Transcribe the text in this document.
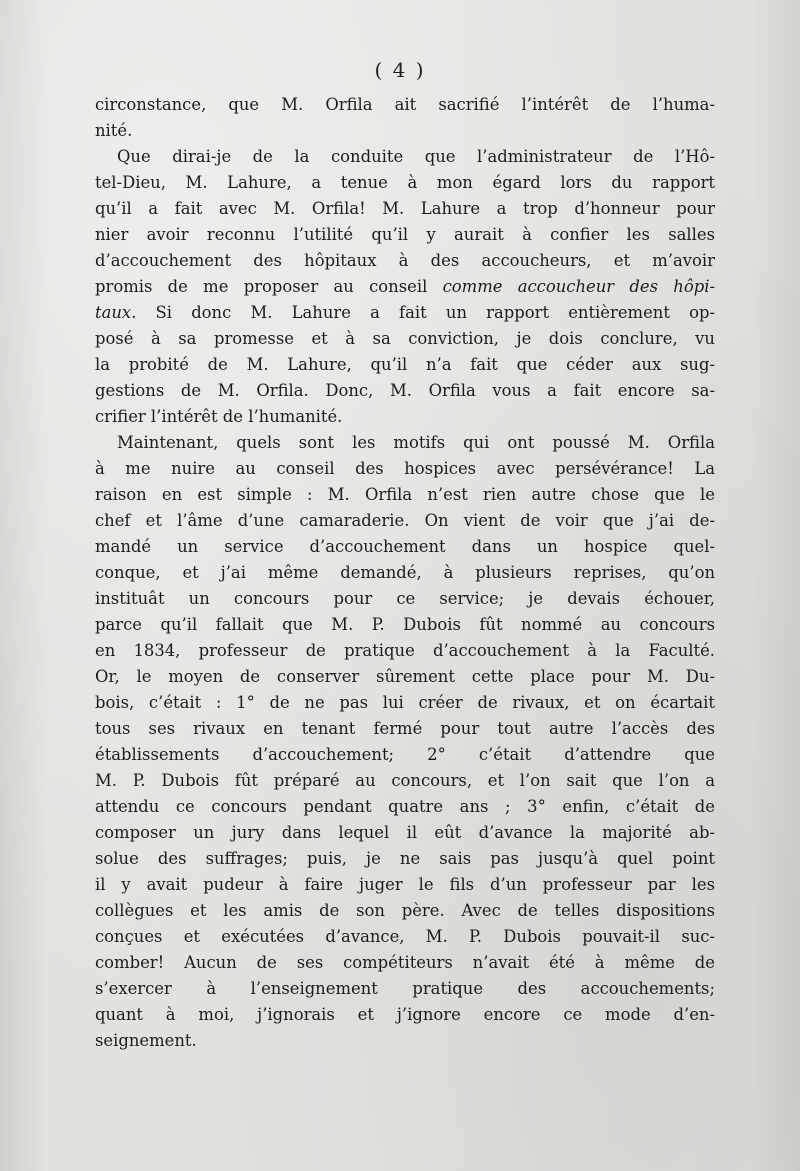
( 4 )

circonstance, que M. Orfila ait sacrifié l’intérêt de l’huma-
nité.

Que dirai-je de la conduite que l’administrateur de l’Hô-
tel-Dieu, M. Lahure, a tenue à mon égard lors du rapport
qu’il a fait avec M. Orfila! M. Lahure a trop d’honneur pour
nier avoir reconnu l’utilité qu’il y aurait à confier les salles
d’accouchement des hôpitaux à des accoucheurs, et m’avoir
promis de me proposer au conseil comme accoucheur des hôpi-
taux. Si donc M. Lahure a fait un rapport entièrement op-
posé à sa promesse et à sa conviction, je dois conclure, vu
la probité de M. Lahure, qu’il n’a fait que céder aux sug-
gestions de M. Orfila. Donc, M. Orfila vous a fait encore sa-
crifier l’intérêt de l’humanité.

Maintenant, quels sont les motifs qui ont poussé M. Orfila
à me nuire au conseil des hospices avec persévérance! La
raison en est simple : M. Orfila n’est rien autre chose que le
chef et l’âme d’une camaraderie. On vient de voir que j’ai de-
mandé un service d’accouchement dans un hospice quel-
conque, et j’ai même demandé, à plusieurs reprises, qu’on
instituât un concours pour ce service; je devais échouer,
parce qu’il fallait que M. P. Dubois fût nommé au concours
en 1834, professeur de pratique d’accouchement à la Faculté.
Or, le moyen de conserver sûrement cette place pour M. Du-
bois, c’était : 1° de ne pas lui créer de rivaux, et on écartait
tous ses rivaux en tenant fermé pour tout autre l’accès des
établissements d’accouchement; 2° c’était d’attendre que
M. P. Dubois fût préparé au concours, et l’on sait que l’on a
attendu ce concours pendant quatre ans ; 3° enfin, c’était de
composer un jury dans lequel il eût d’avance la majorité ab-
solue des suffrages; puis, je ne sais pas jusqu’à quel point
il y avait pudeur à faire juger le fils d’un professeur par les
collègues et les amis de son père. Avec de telles dispositions
conçues et exécutées d’avance, M. P. Dubois pouvait-il suc-
comber! Aucun de ses compétiteurs n’avait été à même de
s’exercer à l’enseignement pratique des accouchements;
quant à moi, j’ignorais et j’ignore encore ce mode d’en-
seignement.
